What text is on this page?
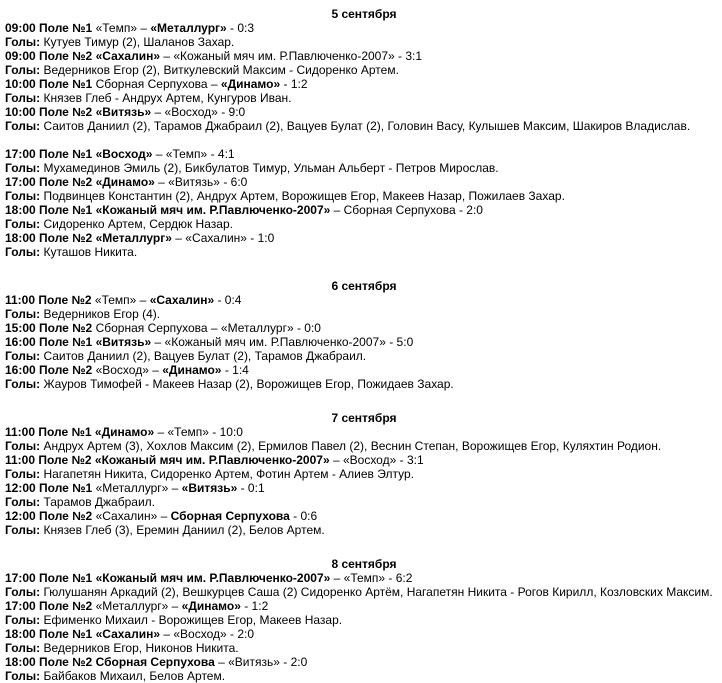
5 сентября
09:00 Поле №1 «Темп» – «Металлург» - 0:3
Голы: Кутуев Тимур (2), Шаланов Захар.
09:00 Поле №2 «Сахалин» – «Кожаный мяч им. Р.Павлюченко-2007» - 3:1
Голы: Ведерников Егор (2), Виткулевский Максим - Сидоренко Артем.
10:00 Поле №1 Сборная Серпухова – «Динамо» - 1:2
Голы: Князев Глеб - Андрух Артем, Кунгуров Иван.
10:00 Поле №2 «Витязь» – «Восход» - 9:0
Голы: Саитов Даниил (2), Тарамов Джабраил (2), Вацуев Булат (2), Головин Васу, Кулышев Максим, Шакиров Владислав.
17:00 Поле №1 «Восход» – «Темп» - 4:1
Голы: Мухамединов Эмиль (2), Бикбулатов Тимур, Ульман Альберт - Петров Мирослав.
17:00 Поле №2 «Динамо» – «Витязь» - 6:0
Голы: Подвинцев Константин (2), Андрух Артем, Ворожищев Егор, Макеев Назар, Пожилаев Захар.
18:00 Поле №1 «Кожаный мяч им. Р.Павлюченко-2007» – Сборная Серпухова - 2:0
Голы: Сидоренко Артем, Сердюк Назар.
18:00 Поле №2 «Металлург» – «Сахалин» - 1:0
Голы: Куташов Никита.
6 сентября
11:00 Поле №2 «Темп» – «Сахалин» - 0:4
Голы: Ведерников Егор (4).
15:00 Поле №2 Сборная Серпухова – «Металлург» - 0:0
16:00 Поле №1 «Витязь» – «Кожаный мяч им. Р.Павлюченко-2007» - 5:0
Голы: Саитов Даниил (2), Вацуев Булат (2), Тарамов Джабраил.
16:00 Поле №2 «Восход» – «Динамо» - 1:4
Голы: Жауров Тимофей - Макеев Назар (2), Ворожищев Егор, Пожидаев Захар.
7 сентября
11:00 Поле №1 «Динамо» – «Темп» - 10:0
Голы: Андрух Артем (3), Хохлов Максим (2), Ермилов Павел (2), Веснин Степан, Ворожищев Егор, Куляхтин Родион.
11:00 Поле №2 «Кожаный мяч им. Р.Павлюченко-2007» – «Восход» - 3:1
Голы: Нагапетян Никита, Сидоренко Артем, Фотин Артем - Алиев Элтур.
12:00 Поле №1 «Металлург» – «Витязь» - 0:1
Голы: Тарамов Джабраил.
12:00 Поле №2 «Сахалин» – Сборная Серпухова - 0:6
Голы: Князев Глеб (3), Еремин Даниил (2), Белов Артем.
8 сентября
17:00 Поле №1 «Кожаный мяч им. Р.Павлюченко-2007» – «Темп» - 6:2
Голы: Гюлушанян Аркадий (2), Вешкурцев Саша (2) Сидоренко Артём, Нагапетян Никита - Рогов Кирилл, Козловских Максим.
17:00 Поле №2 «Металлург» – «Динамо» - 1:2
Голы: Ефименко Михаил - Ворожищев Егор, Макеев Назар.
18:00 Поле №1 «Сахалин» – «Восход» - 2:0
Голы: Ведерников Егор, Никонов Никита.
18:00 Поле №2 Сборная Серпухова – «Витязь» - 2:0
Голы: Байбаков Михаил, Белов Артем.
